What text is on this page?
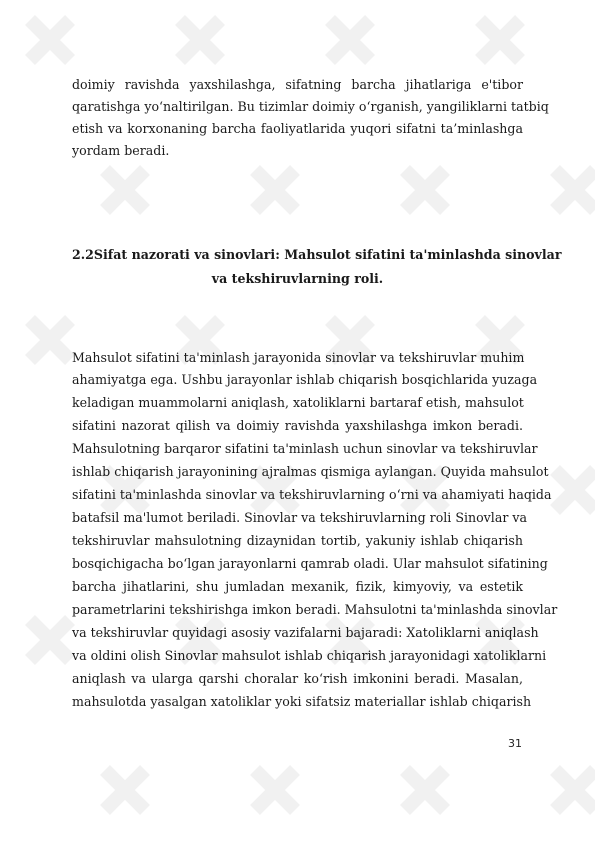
doimiy ravishda yaxshilashga, sifatning barcha jihatlariga e'tibor
qaratishga yo‘naltirilgan. Bu tizimlar doimiy o‘rganish, yangiliklarni tatbiq
etish va korxonaning barcha faoliyatlarida yuqori sifatni ta’minlashga
yordam beradi.
2.2Sifat nazorati va sinovlari: Mahsulot sifatini ta'minlashda sinovlar
va tekshiruvlarning roli.
Mahsulot sifatini ta'minlash jarayonida sinovlar va tekshiruvlar muhim
ahamiyatga ega. Ushbu jarayonlar ishlab chiqarish bosqichlarida yuzaga
keladigan muammolarni aniqlash, xatoliklarni bartaraf etish, mahsulot
sifatini nazorat qilish va doimiy ravishda yaxshilashga imkon beradi.
Mahsulotning barqaror sifatini ta'minlash uchun sinovlar va tekshiruvlar
ishlab chiqarish jarayonining ajralmas qismiga aylangan. Quyida mahsulot
sifatini ta'minlashda sinovlar va tekshiruvlarning o‘rni va ahamiyati haqida
batafsil ma'lumot beriladi. Sinovlar va tekshiruvlarning roli Sinovlar va
tekshiruvlar mahsulotning dizaynidan tortib, yakuniy ishlab chiqarish
bosqichigacha bo‘lgan jarayonlarni qamrab oladi. Ular mahsulot sifatining
barcha jihatlarini, shu jumladan mexanik, fizik, kimyoviy, va estetik
parametrlarini tekshirishga imkon beradi. Mahsulotni ta'minlashda sinovlar
va tekshiruvlar quyidagi asosiy vazifalarni bajaradi: Xatoliklarni aniqlash
va oldini olish Sinovlar mahsulot ishlab chiqarish jarayonidagi xatoliklarni
aniqlash va ularga qarshi choralar ko‘rish imkonini beradi. Masalan,
mahsulotda yasalgan xatoliklar yoki sifatsiz materiallar ishlab chiqarish
31
